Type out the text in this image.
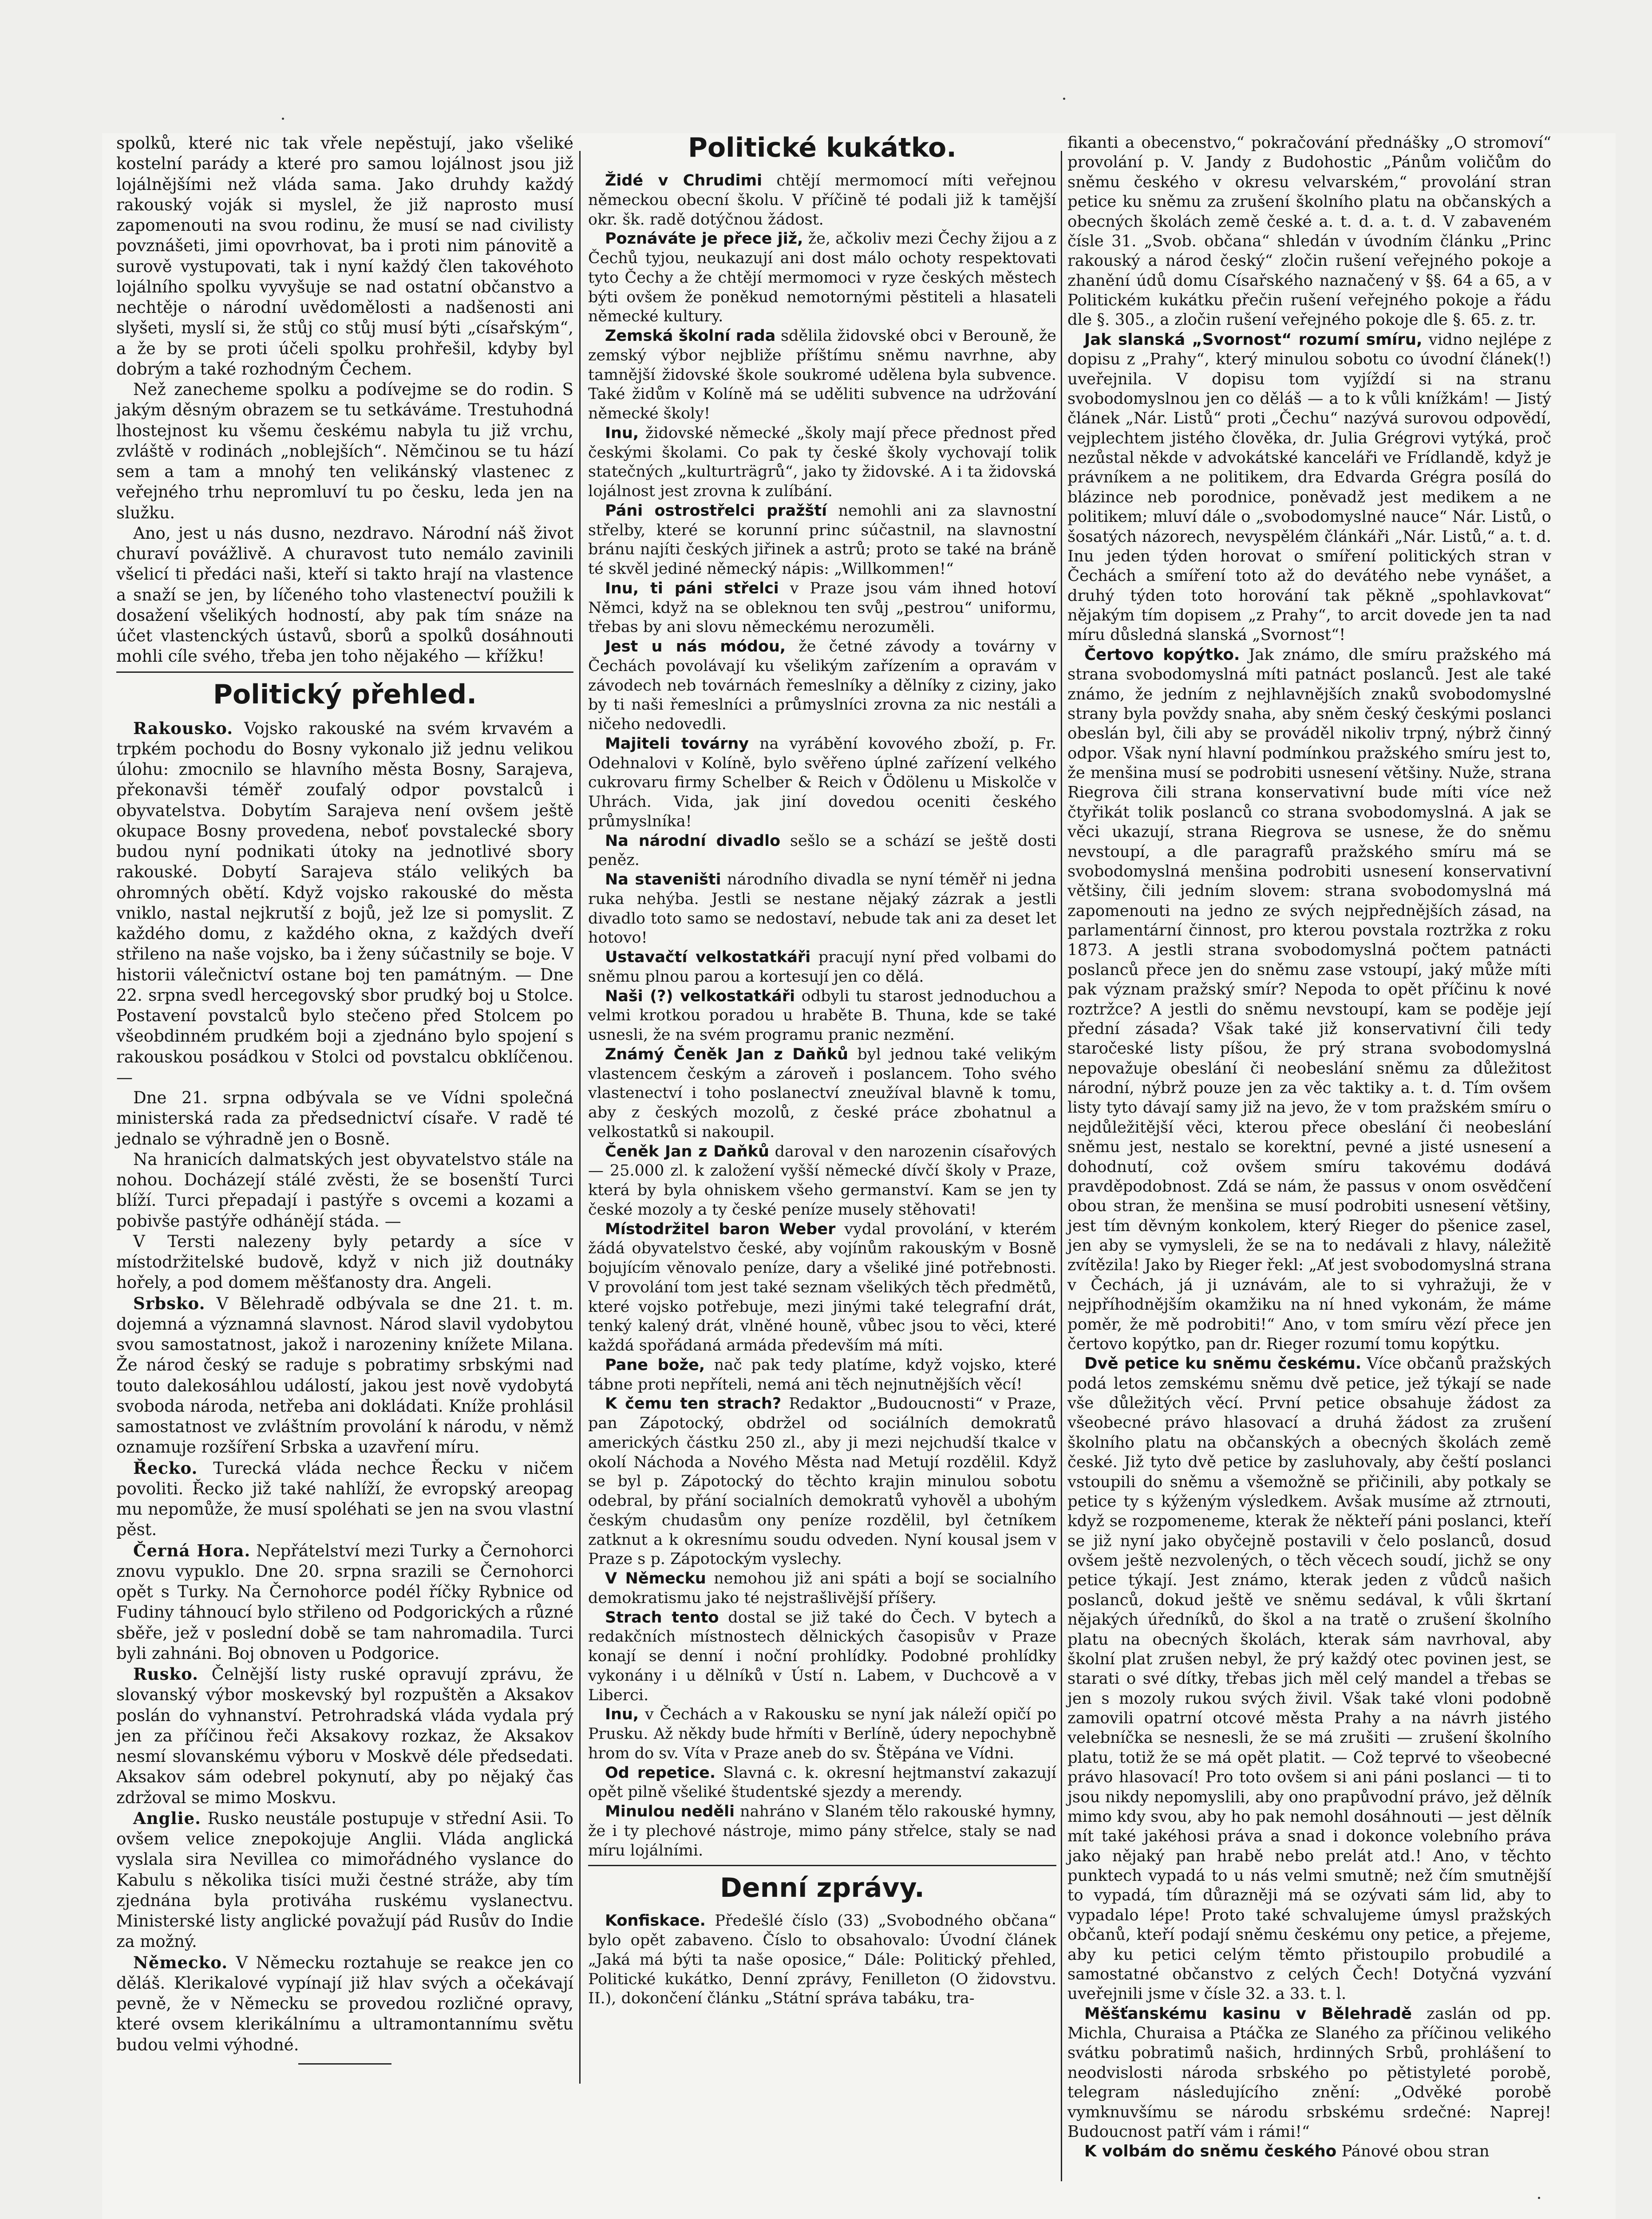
spolků, které nic tak vřele nepěstují, jako všeliké kostelní parády a které pro samou lojálnost jsou již lojálnějšími než vláda sama. Jako druhdy každý rakouský voják si myslel, že již naprosto musí zapomenouti na svou rodinu, že musí se nad civilisty povznášeti, jimi opovrhovat, ba i proti nim pánovitě a surově vystupovati, tak i nyní každý člen takovéhoto lojálního spolku vyvyšuje se nad ostatní občanstvo a nechtěje o národní uvědomělosti a nadšenosti ani slyšeti, myslí si, že stůj co stůj musí býti „císařským“, a že by se proti účeli spolku prohřešil, kdyby byl dobrým a také rozhodným Čechem.

Než zanecheme spolku a podívejme se do rodin. S jakým děsným obrazem se tu setkáváme. Trestuhodná lhostejnost ku všemu českému nabyla tu již vrchu, zvláště v rodinách „noblejších“. Němčinou se tu hází sem a tam a mnohý ten velikánský vlastenec z veřejného trhu nepromluví tu po česku, leda jen na služku.

Ano, jest u nás dusno, nezdravo. Národní náš život churaví povážlivě. A churavost tuto nemálo zavinili všelicí ti předáci naši, kteří si takto hrají na vlastence a snaží se jen, by líčeného toho vlastenectví použili k dosažení všelikých hodností, aby pak tím snáze na účet vlastenckých ústavů, sborů a spolků dosáhnouti mohli cíle svého, třeba jen toho nějakého — křížku!

Politický přehled.

Rakousko. Vojsko rakouské na svém krvavém a trpkém pochodu do Bosny vykonalo již jednu velikou úlohu: zmocnilo se hlavního města Bosny, Sarajeva, překonavši téměř zoufalý odpor povstalců i obyvatelstva. Dobytím Sarajeva není ovšem ještě okupace Bosny provedena, neboť povstalecké sbory budou nyní podnikati útoky na jednotlivé sbory rakouské. Dobytí Sarajeva stálo velikých ba ohromných obětí. Když vojsko rakouské do města vniklo, nastal nejkrutší z bojů, jež lze si pomyslit. Z každého domu, z každého okna, z každých dveří střileno na naše vojsko, ba i ženy súčastnily se boje. V historii válečnictví ostane boj ten památným. — Dne 22. srpna svedl hercegovský sbor prudký boj u Stolce. Postavení povstalců bylo stečeno před Stolcem po všeobdinném prudkém boji a zjednáno bylo spojení s rakouskou posádkou v Stolci od povstalcu obklíčenou. —

Dne 21. srpna odbývala se ve Vídni společná ministerská rada za předsednictví císaře. V radě té jednalo se výhradně jen o Bosně.

Na hranicích dalmatských jest obyvatelstvo stále na nohou. Docházejí stálé zvěsti, že se bosenští Turci blíží. Turci přepadají i pastýře s ovcemi a kozami a pobivše pastýře odhánějí stáda. —

V Tersti nalezeny byly petardy a síce v místodržitelské budově, když v nich již doutnáky hořely, a pod domem měšťanosty dra. Angeli.

Srbsko. V Bělehradě odbývala se dne 21. t. m. dojemná a významná slavnost. Národ slavil vydobytou svou samostatnost, jakož i narozeniny knížete Milana. Že národ český se raduje s pobratimy srbskými nad touto dalekosáhlou událostí, jakou jest nově vydobytá svoboda národa, netřeba ani dokládati. Kníže prohlásil samostatnost ve zvláštním provolání k národu, v němž oznamuje rozšíření Srbska a uzavření míru.

Řecko. Turecká vláda nechce Řecku v ničem povoliti. Řecko již také nahlíží, že evropský areopag mu nepomůže, že musí spoléhati se jen na svou vlastní pěst.

Černá Hora. Nepřátelství mezi Turky a Černohorci znovu vypuklo. Dne 20. srpna srazili se Černohorci opět s Turky. Na Černohorce podél říčky Rybnice od Fudiny táhnoucí bylo střileno od Podgorických a různé sběře, jež v poslední době se tam nahromadila. Turci byli zahnáni. Boj obnoven u Podgorice.

Rusko. Čelnější listy ruské opravují zprávu, že slovanský výbor moskevský byl rozpuštěn a Aksakov poslán do vyhnanství. Petrohradská vláda vydala prý jen za příčinou řeči Aksakovy rozkaz, že Aksakov nesmí slovanskému výboru v Moskvě déle předsedati. Aksakov sám odebrel pokynutí, aby po nějaký čas zdržoval se mimo Moskvu.

Anglie. Rusko neustále postupuje v střední Asii. To ovšem velice znepokojuje Anglii. Vláda anglická vyslala sira Nevillea co mimořádného vyslance do Kabulu s několika tisíci muži čestné stráže, aby tím zjednána byla protiváha ruskému vyslanectvu. Ministerské listy anglické považují pád Rusův do Indie za možný.

Německo. V Německu roztahuje se reakce jen co děláš. Klerikalové vypínají již hlav svých a očekávají pevně, že v Německu se provedou rozličné opravy, které ovsem klerikálnímu a ultramontannímu světu budou velmi výhodné.

Politické kukátko.

Židé v Chrudimi chtějí mermomocí míti veřejnou německou obecní školu. V příčině té podali již k tamější okr. šk. radě dotýčnou žádost.

Poznáváte je přece již, že, ačkoliv mezi Čechy žijou a z Čechů tyjou, neukazují ani dost málo ochoty respektovati tyto Čechy a že chtějí mermomoci v ryze českých městech býti ovšem že poněkud nemotornými pěstiteli a hlasateli německé kultury.

Zemská školní rada sdělila židovské obci v Berouně, že zemský výbor nejbliže příštímu sněmu navrhne, aby tamnější židovské škole soukromé udělena byla subvence. Také židům v Kolíně má se uděliti subvence na udržování německé školy!

Inu, židovské německé „školy mají přece přednost před českými školami. Co pak ty české školy vychovají tolik statečných „kulturträgrů“, jako ty židovské. A i ta židovská lojálnost jest zrovna k zulíbání.

Páni ostrostřelci pražští nemohli ani za slavnostní střelby, které se korunní princ súčastnil, na slavnostní bránu najíti českých jiřinek a astrů; proto se také na bráně té skvěl jediné německý nápis: „Willkommen!“

Inu, ti páni střelci v Praze jsou vám ihned hotoví Němci, když na se obleknou ten svůj „pestrou“ uniformu, třebas by ani slovu německému nerozuměli.

Jest u nás módou, že četné závody a továrny v Čechách povolávají ku všelikým zařízením a opravám v závodech neb továrnách řemeslníky a dělníky z ciziny, jako by ti naši řemeslníci a průmyslníci zrovna za nic nestáli a ničeho nedovedli.

Majiteli továrny na vyrábění kovového zboží, p. Fr. Odehnalovi v Kolíně, bylo svěřeno úplné zařízení velkého cukrovaru firmy Schelber & Reich v Ödölenu u Miskolče v Uhrách. Vida, jak jiní dovedou oceniti českého průmyslníka!

Na národní divadlo sešlo se a schází se ještě dosti peněz.

Na staveništi národního divadla se nyní téměř ni jedna ruka nehýba. Jestli se nestane nějaký zázrak a jestli divadlo toto samo se nedostaví, nebude tak ani za deset let hotovo!

Ustavačtí velkostatkáři pracují nyní před volbami do sněmu plnou parou a kortesují jen co dělá.

Naši (?) velkostatkáři odbyli tu starost jednoduchou a velmi krotkou poradou u hraběte B. Thuna, kde se také usnesli, že na svém programu pranic nezmění.

Známý Čeněk Jan z Daňků byl jednou také velikým vlastencem českým a zároveň i poslancem. Toho svého vlastenectví i toho poslanectví zneužíval blavně k tomu, aby z českých mozolů, z české práce zbohatnul a velkostatků si nakoupil.

Čeněk Jan z Daňků daroval v den narozenin císařových — 25.000 zl. k založení vyšší německé dívčí školy v Praze, která by byla ohniskem všeho germanství. Kam se jen ty české mozoly a ty české peníze musely stěhovati!

Místodržitel baron Weber vydal provolání, v kterém žádá obyvatelstvo české, aby vojínům rakouským v Bosně bojujícím věnovalo peníze, dary a všeliké jiné potřebnosti. V provolání tom jest také seznam všelikých těch předmětů, které vojsko potřebuje, mezi jinými také telegrafní drát, tenký kalený drát, vlněné houně, vůbec jsou to věci, které každá spořádaná armáda především má míti.

Pane bože, nač pak tedy platíme, když vojsko, které tábne proti nepříteli, nemá ani těch nejnutnějších věcí!

K čemu ten strach? Redaktor „Budoucnosti“ v Praze, pan Zápotocký, obdržel od sociálních demokratů amerických částku 250 zl., aby ji mezi nejchudší tkalce v okolí Náchoda a Nového Města nad Metují rozdělil. Když se byl p. Zápotocký do těchto krajin minulou sobotu odebral, by přání socialních demokratů vyhověl a ubohým českým chudasům ony peníze rozdělil, byl četníkem zatknut a k okresnímu soudu odveden. Nyní kousal jsem v Praze s p. Zápotockým vyslechy.

V Německu nemohou již ani spáti a bojí se socialního demokratismu jako té nejstrašlivější příšery.

Strach tento dostal se již také do Čech. V bytech a redakčních místnostech dělnických časopisův v Praze konají se denní i noční prohlídky. Podobné prohlídky vykonány i u dělníků v Ústí n. Labem, v Duchcově a v Liberci.

Inu, v Čechách a v Rakousku se nyní jak náleží opičí po Prusku. Až někdy bude hřmíti v Berlíně, údery nepochybně hrom do sv. Víta v Praze aneb do sv. Štěpána ve Vídni.

Od repetice. Slavná c. k. okresní hejtmanství zakazují opět pilně všeliké študentské sjezdy a merendy.

Minulou neděli nahráno v Slaném tělo rakouské hymny, že i ty plechové nástroje, mimo pány střelce, staly se nad míru lojálními.

Denní zprávy.

Konfiskace. Předešlé číslo (33) „Svobodného občana“ bylo opět zabaveno. Číslo to obsahovalo: Úvodní článek „Jaká má býti ta naše oposice,“ Dále: Politický přehled, Politické kukátko, Denní zprávy, Fenilleton (O židovstvu. II.), dokončení článku „Státní správa tabáku, tra-

fikanti a obecenstvo,“ pokračování přednášky „O stromoví“ provolání p. V. Jandy z Budohostic „Pánům voličům do sněmu českého v okresu velvarském,“ provolání stran petice ku sněmu za zrušení školního platu na občanských a obecných školách země české a. t. d. a. t. d. V zabaveném čísle 31. „Svob. občana“ shledán v úvodním článku „Princ rakouský a národ český“ zločin rušení veřejného pokoje a zhanění údů domu Císařského naznačený v §§. 64 a 65, a v Politickém kukátku přečin rušení veřejného pokoje a řádu dle §. 305., a zločin rušení veřejného pokoje dle §. 65. z. tr.

Jak slanská „Svornost“ rozumí smíru, vidno nejlépe z dopisu z „Prahy“, který minulou sobotu co úvodní článek(!) uveřejnila. V dopisu tom vyjíždí si na stranu svobodomyslnou jen co děláš — a to k vůli knížkám! — Jistý článek „Nár. Listů“ proti „Čechu“ nazývá surovou odpovědí, vejplechtem jistého člověka, dr. Julia Grégrovi vytýká, proč nezůstal někde v advokátské kanceláři ve Frídlandě, když je právníkem a ne politikem, dra Edvarda Grégra posílá do blázince neb porodnice, poněvadž jest medikem a ne politikem; mluví dále o „svobodomyslné nauce“ Nár. Listů, o šosatých názorech, nevyspělém článkáři „Nár. Listů,“ a. t. d. Inu jeden týden horovat o smíření politických stran v Čechách a smíření toto až do devátého nebe vynášet, a druhý týden toto horování tak pěkně „spohlavkovat“ nějakým tím dopisem „z Prahy“, to arcit dovede jen ta nad míru důsledná slanská „Svornost“!

Čertovo kopýtko. Jak známo, dle smíru pražského má strana svobodomyslná míti patnáct poslanců. Jest ale také známo, že jedním z nejhlavnějších znaků svobodomyslné strany byla povždy snaha, aby sněm český českými poslanci obeslán byl, čili aby se prováděl nikoliv trpný, nýbrž činný odpor. Však nyní hlavní podmínkou pražského smíru jest to, že menšina musí se podrobiti usnesení většiny. Nuže, strana Riegrova čili strana konservativní bude míti více než čtyřikát tolik poslanců co strana svobodomyslná. A jak se věci ukazují, strana Riegrova se usnese, že do sněmu nevstoupí, a dle paragrafů pražského smíru má se svobodomyslná menšina podrobiti usnesení konservativní většiny, čili jedním slovem: strana svobodomyslná má zapomenouti na jedno ze svých nejpřednějších zásad, na parlamentární činnost, pro kterou povstala roztržka z roku 1873. A jestli strana svobodomyslná počtem patnácti poslanců přece jen do sněmu zase vstoupí, jaký může míti pak význam pražský smír? Nepoda to opět příčinu k nové roztržce? A jestli do sněmu nevstoupí, kam se poděje její přední zásada? Však také již konservativní čili tedy staročeské listy píšou, že prý strana svobodomyslná nepovažuje obeslání či neobeslání sněmu za důležitost národní, nýbrž pouze jen za věc taktiky a. t. d. Tím ovšem listy tyto dávají samy již na jevo, že v tom pražském smíru o nejdůležitější věci, kterou přece obeslání či neobeslání sněmu jest, nestalo se korektní, pevné a jisté usnesení a dohodnutí, což ovšem smíru takovému dodává pravděpodobnost. Zdá se nám, že passus v onom osvědčení obou stran, že menšina se musí podrobiti usnesení většiny, jest tím děvným konkolem, který Rieger do pšenice zasel, jen aby se vymysleli, že se na to nedávali z hlavy, náležitě zvítězila! Jako by Rieger řekl: „Ať jest svobodomyslná strana v Čechách, já ji uznávám, ale to si vyhražuji, že v nejpříhodnějším okamžiku na ní hned vykonám, že máme poměr, že mě podrobiti!“ Ano, v tom smíru vězí přece jen čertovo kopýtko, pan dr. Rieger rozumí tomu kopýtku.

Dvě petice ku sněmu českému. Více občanů pražských podá letos zemskému sněmu dvě petice, jež týkají se nade vše důležitých věcí. První petice obsahuje žádost za všeobecné právo hlasovací a druhá žádost za zrušení školního platu na občanských a obecných školách země české. Již tyto dvě petice by zasluhovaly, aby čeští poslanci vstoupili do sněmu a všemožně se přičinili, aby potkaly se petice ty s kýženým výsledkem. Avšak musíme až ztrnouti, když se rozpomeneme, kterak že někteří páni poslanci, kteří se již nyní jako obyčejně postavili v čelo poslanců, dosud ovšem ještě nezvolených, o těch věcech soudí, jichž se ony petice týkají. Jest známo, kterak jeden z vůdců našich poslanců, dokud ještě ve sněmu sedával, k vůli škrtaní nějakých úředníků, do škol a na tratě o zrušení školního platu na obecných školách, kterak sám navrhoval, aby školní plat zrušen nebyl, že prý každý otec povinen jest, se starati o své dítky, třebas jich měl celý mandel a třebas se jen s mozoly rukou svých živil. Však také vloni podobně zamovili opatrní otcové města Prahy a na návrh jistého velebníčka se nesnesli, že se má zrušiti — zrušení školního platu, totiž že se má opět platit. — Což teprvé to všeobecné právo hlasovací! Pro toto ovšem si ani páni poslanci — ti to jsou nikdy nepomyslili, aby ono prapůvodní právo, jež dělník mimo kdy svou, aby ho pak nemohl dosáhnouti — jest dělník mít také jakéhosi práva a snad i dokonce volebního práva jako nějaký pan hrabě nebo prelát atd.! Ano, v těchto punktech vypadá to u nás velmi smutně; než čím smutnější to vypadá, tím důrazněji má se ozývati sám lid, aby to vypadalo lépe! Proto také schvalujeme úmysl pražských občanů, kteří podají sněmu českému ony petice, a přejeme, aby ku petici celým těmto přistoupilo probudilé a samostatné občanstvo z celých Čech! Dotyčná vyzvání uveřejnili jsme v čísle 32. a 33. t. l.

Měšťanskému kasinu v Bělehradě zaslán od pp. Michla, Churaisa a Ptáčka ze Slaného za příčinou velikého svátku pobratimů našich, hrdinných Srbů, prohlášení to neodvislosti národa srbského po pětistyleté porobě, telegram následujícího znění: „Odvěké porobě vymknuvšímu se národu srbskému srdečné: Naprej! Budoucnost patří vám i rámi!“

K volbám do sněmu českého Pánové obou stran
